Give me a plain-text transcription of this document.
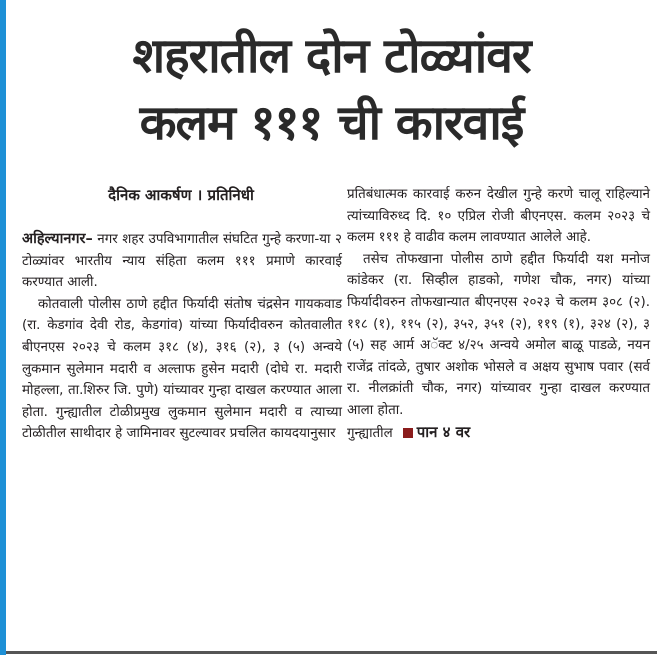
शहरातील दोन टोळ्यांवर
कलम १११ ची कारवाई
दैनिक आकर्षण । प्रतिनिधी

अहिल्यानगर– नगर शहर उपविभागातील संघटित गुन्हे करणा-या २ टोळ्यांवर भारतीय न्याय संहिता कलम १११ प्रमाणे कारवाई करण्यात आली.

कोतवाली पोलीस ठाणे हद्दीत फिर्यादी संतोष चंद्रसेन गायकवाड (रा. केडगांव देवी रोड, केडगांव) यांच्या फिर्यादीवरुन कोतवालीत बीएनएस २०२३ चे कलम ३१८ (४), ३१६ (२), ३ (५) अन्वये लुकमान सुलेमान मदारी व अल्ताफ हुसेन मदारी (दोघे रा. मदारी मोहल्ला, ता.शिरुर जि. पुणे) यांच्यावर गुन्हा दाखल करण्यात आला होता. गुन्ह्यातील टोळीप्रमुख लुकमान सुलेमान मदारी व त्याच्या टोळीतील साथीदार हे जामिनावर सुटल्यावर प्रचलित कायदयानुसार

प्रतिबंधात्मक कारवाई करुन देखील गुन्हे करणे चालू राहिल्याने त्यांच्याविरुध्द दि. १० एप्रिल रोजी बीएनएस. कलम २०२३ चे कलम १११ हे वाढीव कलम लावण्यात आलेले आहे.

तसेच तोफखाना पोलीस ठाणे हद्दीत फिर्यादी यश मनोज कांडेकर (रा. सिव्हील हाडको, गणेश चौक, नगर) यांच्या फिर्यादीवरुन तोफखान्यात बीएनएस २०२३ चे कलम ३०८ (२). ११८ (१), ११५ (२), ३५२, ३५१ (२), ११९ (१), ३२४ (२), ३ (५) सह आर्म अॅक्ट ४/२५ अन्वये अमोल बाळू पाडळे, नयन राजेंद्र तांदळे, तुषार अशोक भोसले व अक्षय सुभाष पवार (सर्व रा. नीलक्रांती चौक, नगर) यांच्यावर गुन्हा दाखल करण्यात आला होता.

गुन्ह्यातील पान ४ वर
